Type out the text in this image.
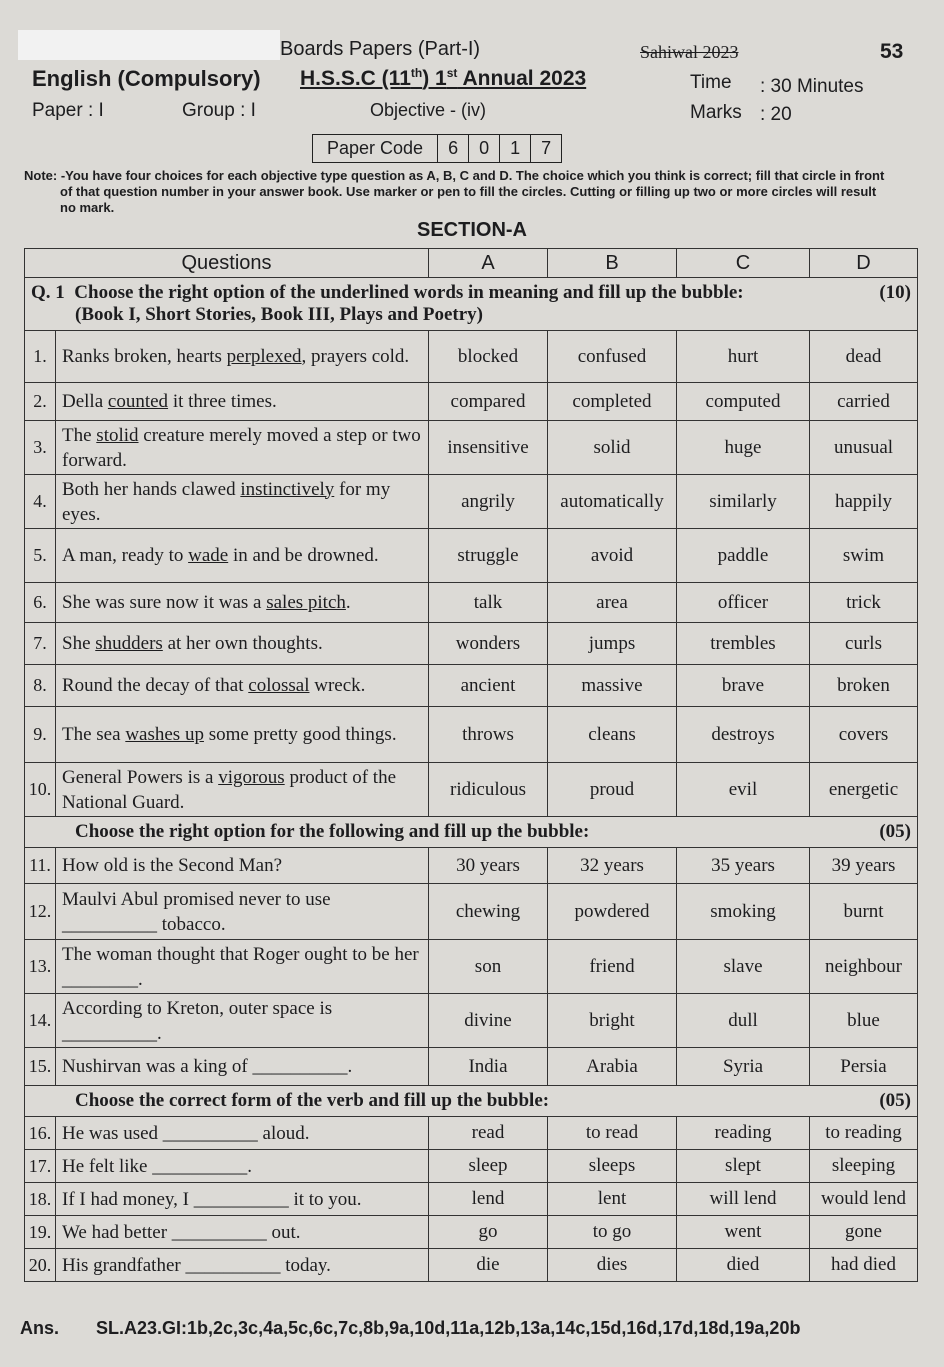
Boards Papers (Part-I)	Sahiwal 2023	53
English (Compulsory) H.S.S.C (11th) 1st Annual 2023	Time : 30 Minutes
Paper : I	Group : I	Objective - (iv)	Marks : 20
Paper Code	6	0	1	7
Note: -You have four choices for each objective type question as A, B, C and D. The choice which you think is correct; fill that circle in front
of that question number in your answer book. Use marker or pen to fill the circles. Cutting or filling up two or more circles will result
no mark.
SECTION-A
Questions		A	B	C	D

Q. 1 Choose the right option of the underlined words in meaning and fill up the bubble: (10)
(Book I, Short Stories, Book III, Plays and Poetry)					

1.	Ranks broken, hearts perplexed, prayers cold.	blocked	confused	hurt	dead
2.	Della counted it three times.	compared	completed	computed	carried
3.	The stolid creature merely moved a step or two forward.	insensitive	solid	huge	unusual
4.	Both her hands clawed instinctively for my eyes.	angrily	automatically	similarly	happily
5.	A man, ready to wade in and be drowned.	struggle	avoid	paddle	swim
6.	She was sure now it was a sales pitch.	talk	area	officer	trick
7.	She shudders at her own thoughts.	wonders	jumps	trembles	curls
8.	Round the decay of that colossal wreck.	ancient	massive	brave	broken
9.	The sea washes up some pretty good things.	throws	cleans	destroys	covers
10.	General Powers is a vigorous product of the National Guard.	ridiculous	proud	evil	energetic

Choose the right option for the following and fill up the bubble: (05)					

11.	How old is the Second Man?	30 years	32 years	35 years	39 years
12.	Maulvi Abul promised never to use __________ tobacco.	chewing	powdered	smoking	burnt
13.	The woman thought that Roger ought to be her ________.	son	friend	slave	neighbour
14.	According to Kreton, outer space is __________.	divine	bright	dull	blue
15.	Nushirvan was a king of __________.	India	Arabia	Syria	Persia

Choose the correct form of the verb and fill up the bubble: (05)					

16.	He was used __________ aloud.	read	to read	reading	to reading
17.	He felt like __________.	sleep	sleeps	slept	sleeping
18.	If I had money, I __________ it to you.	lend	lent	will lend	would lend
19.	We had better __________ out.	go	to go	went	gone
20.	His grandfather __________ today.	die	dies	died	had died
Ans. SL.A23.GI:1b,2c,3c,4a,5c,6c,7c,8b,9a,10d,11a,12b,13a,14c,15d,16d,17d,18d,19a,20b
